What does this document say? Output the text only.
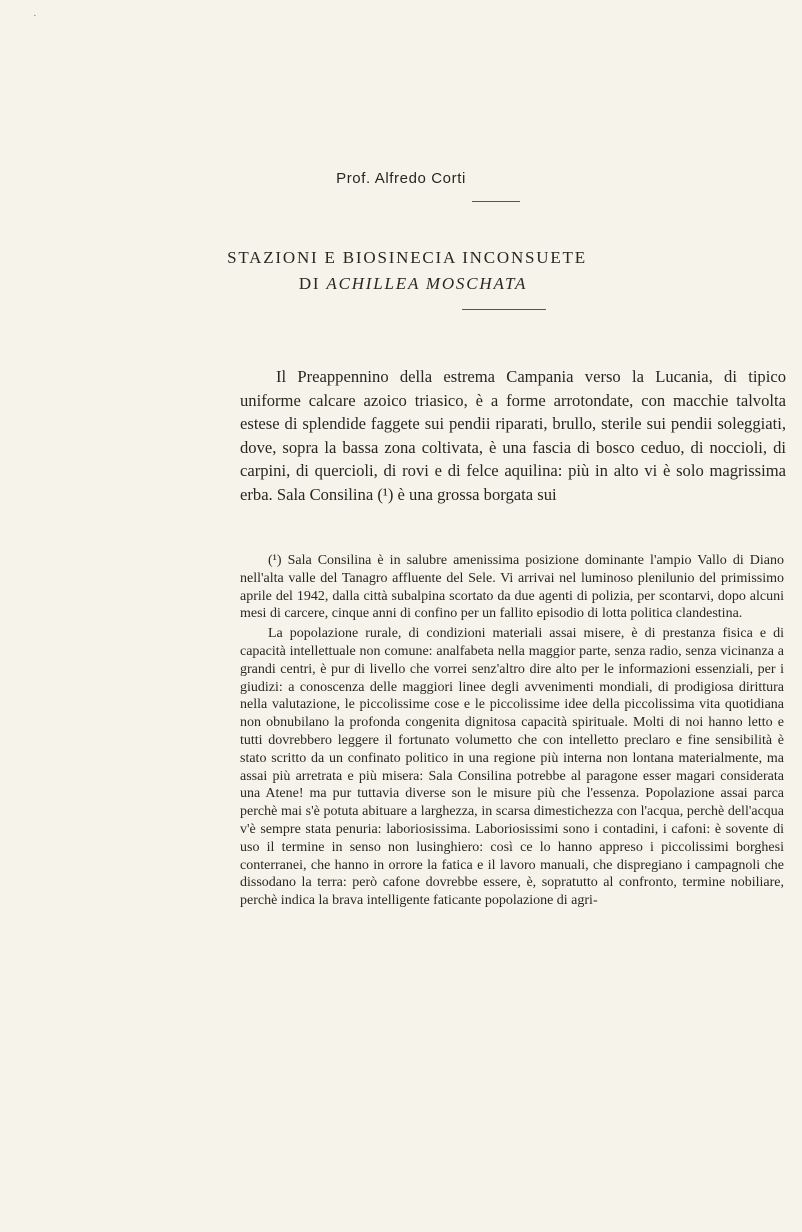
·
Prof. Alfredo Corti
STAZIONI E BIOSINECIA INCONSUETE
DI ACHILLEA MOSCHATA

Il Preappennino della estrema Campania verso la Lucania, di tipico uniforme calcare azoico triasico, è a forme arrotondate, con macchie talvolta estese di splendide faggete sui pendii riparati, brullo, sterile sui pendii soleggiati, dove, sopra la bassa zona coltivata, è una fascia di bosco ceduo, di noccioli, di carpini, di quercioli, di rovi e di felce aquilina: più in alto vi è solo magrissima erba. Sala Consilina (¹) è una grossa borgata sui

(¹) Sala Consilina è in salubre amenissima posizione dominante l'ampio Vallo di Diano nell'alta valle del Tanagro affluente del Sele. Vi arrivai nel luminoso plenilunio del primissimo aprile del 1942, dalla città subalpina scortato da due agenti di polizia, per scontarvi, dopo alcuni mesi di carcere, cinque anni di confino per un fallito episodio di lotta politica clandestina.

La popolazione rurale, di condizioni materiali assai misere, è di prestanza fisica e di capacità intellettuale non comune: analfabeta nella maggior parte, senza radio, senza vicinanza a grandi centri, è pur di livello che vorrei senz'altro dire alto per le informazioni essenziali, per i giudizi: a conoscenza delle maggiori linee degli avvenimenti mondiali, di prodigiosa dirittura nella valutazione, le piccolissime cose e le piccolissime idee della piccolissima vita quotidiana non obnubilano la profonda congenita dignitosa capacità spirituale. Molti di noi hanno letto e tutti dovrebbero leggere il fortunato volumetto che con intelletto preclaro e fine sensibilità è stato scritto da un confinato politico in una regione più interna non lontana materialmente, ma assai più arretrata e più misera: Sala Consilina potrebbe al paragone esser magari considerata una Atene! ma pur tuttavia diverse son le misure più che l'essenza. Popolazione assai parca perchè mai s'è potuta abituare a larghezza, in scarsa dimestichezza con l'acqua, perchè dell'acqua v'è sempre stata penuria: laboriosissima. Laboriosissimi sono i contadini, i cafoni: è sovente di uso il termine in senso non lusinghiero: così ce lo hanno appreso i piccolissimi borghesi conterranei, che hanno in orrore la fatica e il lavoro manuali, che dispregiano i campagnoli che dissodano la terra: però cafone dovrebbe essere, è, sopratutto al confronto, termine nobiliare, perchè indica la brava intelligente faticante popolazione di agri-
